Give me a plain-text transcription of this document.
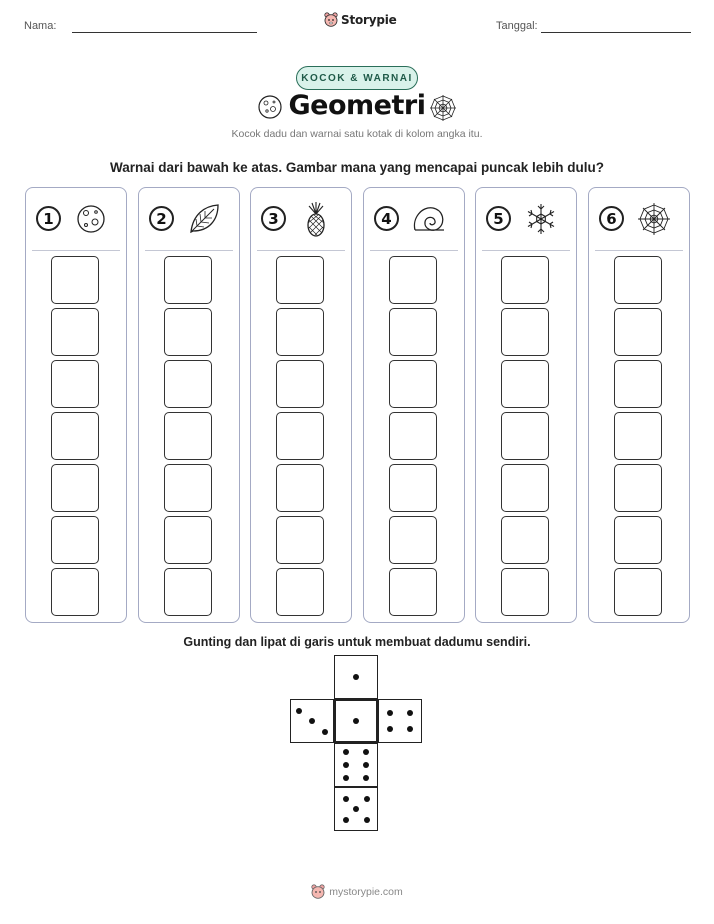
Nama:	Storypie	Tanggal:
KOCOK & WARNAI
Geometri
Kocok dadu dan warnai satu kotak di kolom angka itu.
Warnai dari bawah ke atas. Gambar mana yang mencapai puncak lebih dulu?
1	2	3	4	5	6
Gunting dan lipat di garis untuk membuat dadumu sendiri.
mystorypie.com
